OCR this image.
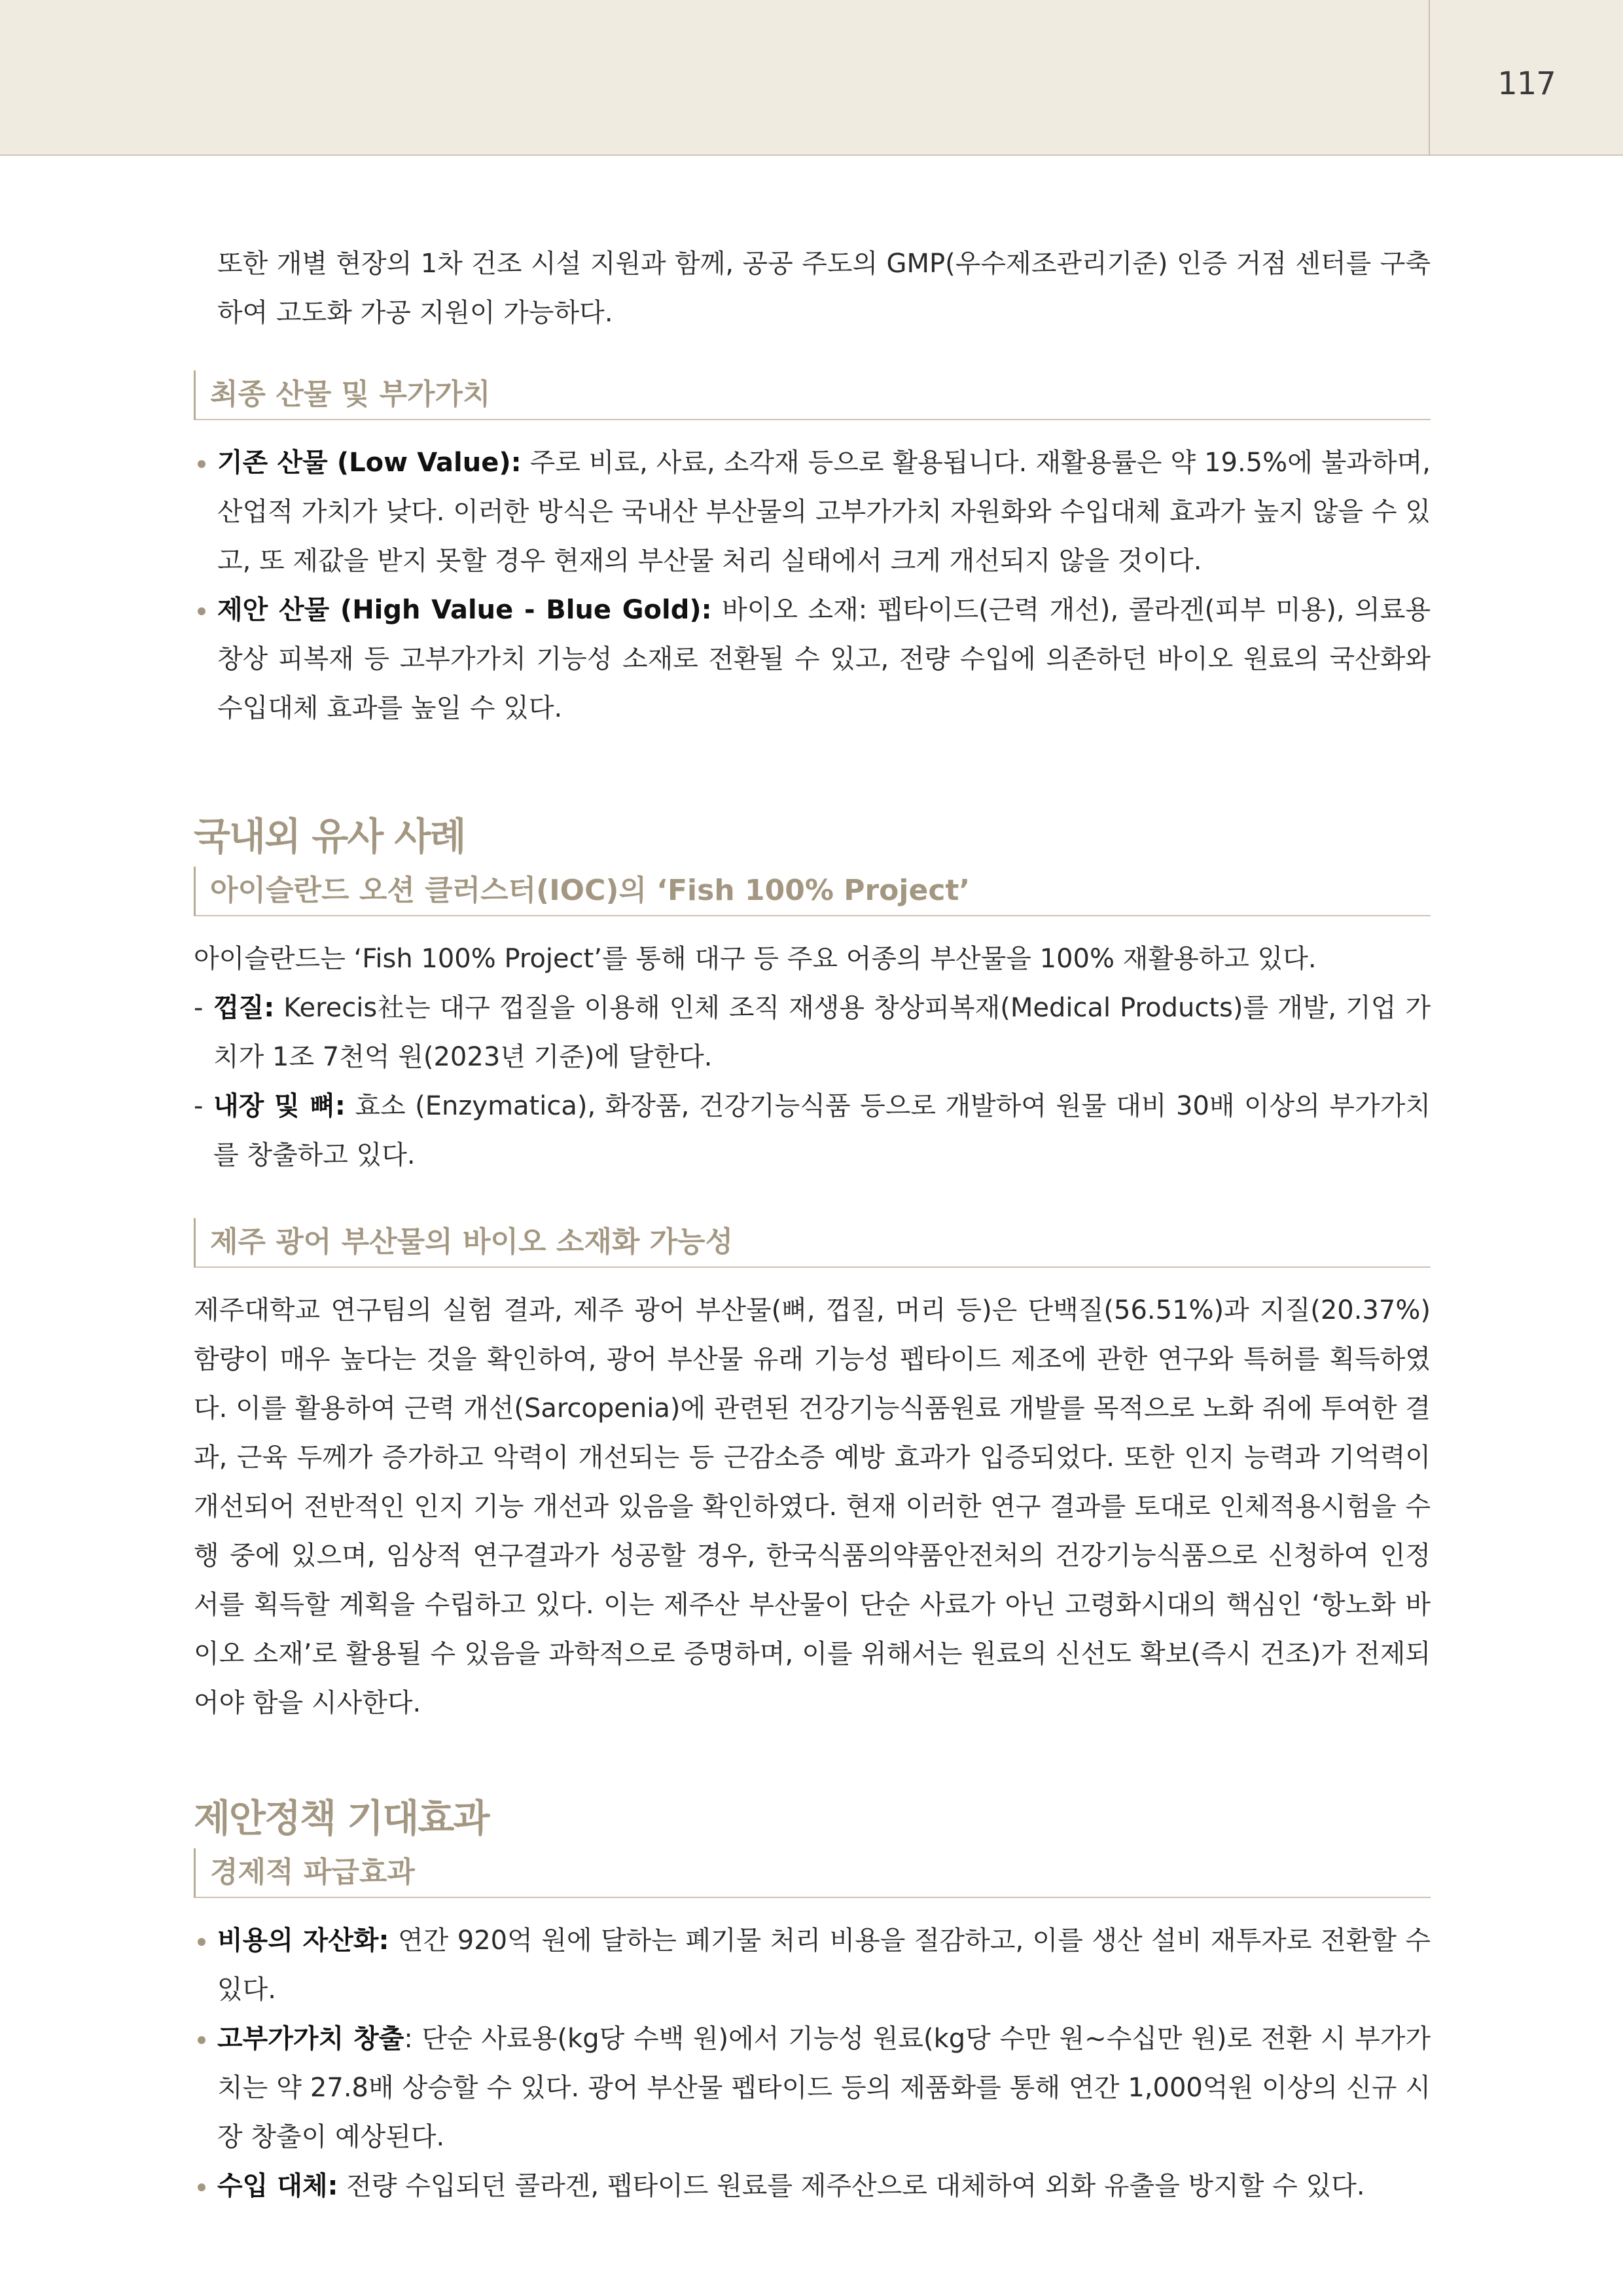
117

또한 개별 현장의 1차 건조 시설 지원과 함께, 공공 주도의 GMP(우수제조관리기준) 인증 거점 센터를 구축하여 고도화 가공 지원이 가능하다.

최종 산물 및 부가가치
기존 산물 (Low Value): 주로 비료, 사료, 소각재 등으로 활용됩니다. 재활용률은 약 19.5%에 불과하며, 산업적 가치가 낮다. 이러한 방식은 국내산 부산물의 고부가가치 자원화와 수입대체 효과가 높지 않을 수 있고, 또 제값을 받지 못할 경우 현재의 부산물 처리 실태에서 크게 개선되지 않을 것이다.
제안 산물 (High Value - Blue Gold): 바이오 소재: 펩타이드(근력 개선), 콜라겐(피부 미용), 의료용 창상 피복재 등 고부가가치 기능성 소재로 전환될 수 있고, 전량 수입에 의존하던 바이오 원료의 국산화와 수입대체 효과를 높일 수 있다.
국내외 유사 사례
아이슬란드 오션 클러스터(IOC)의 ‘Fish 100% Project’

아이슬란드는 ‘Fish 100% Project’를 통해 대구 등 주요 어종의 부산물을 100% 재활용하고 있다.

- 껍질: Kerecis社는 대구 껍질을 이용해 인체 조직 재생용 창상피복재(Medical Products)를 개발, 기업 가치가 1조 7천억 원(2023년 기준)에 달한다.
- 내장 및 뼈: 효소 (Enzymatica), 화장품, 건강기능식품 등으로 개발하여 원물 대비 30배 이상의 부가가치를 창출하고 있다.
제주 광어 부산물의 바이오 소재화 가능성

제주대학교 연구팀의 실험 결과, 제주 광어 부산물(뼈, 껍질, 머리 등)은 단백질(56.51%)과 지질(20.37%) 함량이 매우 높다는 것을 확인하여, 광어 부산물 유래 기능성 펩타이드 제조에 관한 연구와 특허를 획득하였다. 이를 활용하여 근력 개선(Sarcopenia)에 관련된 건강기능식품원료 개발를 목적으로 노화 쥐에 투여한 결과, 근육 두께가 증가하고 악력이 개선되는 등 근감소증 예방 효과가 입증되었다. 또한 인지 능력과 기억력이 개선되어 전반적인 인지 기능 개선과 있음을 확인하였다. 현재 이러한 연구 결과를 토대로 인체적용시험을 수행 중에 있으며, 임상적 연구결과가 성공할 경우, 한국식품의약품안전처의 건강기능식품으로 신청하여 인정서를 획득할 계획을 수립하고 있다. 이는 제주산 부산물이 단순 사료가 아닌 고령화시대의 핵심인 ‘항노화 바이오 소재’로 활용될 수 있음을 과학적으로 증명하며, 이를 위해서는 원료의 신선도 확보(즉시 건조)가 전제되어야 함을 시사한다.

제안정책 기대효과
경제적 파급효과
비용의 자산화: 연간 920억 원에 달하는 폐기물 처리 비용을 절감하고, 이를 생산 설비 재투자로 전환할 수 있다.
고부가가치 창출: 단순 사료용(kg당 수백 원)에서 기능성 원료(kg당 수만 원~수십만 원)로 전환 시 부가가치는 약 27.8배 상승할 수 있다. 광어 부산물 펩타이드 등의 제품화를 통해 연간 1,000억원 이상의 신규 시장 창출이 예상된다.
수입 대체: 전량 수입되던 콜라겐, 펩타이드 원료를 제주산으로 대체하여 외화 유출을 방지할 수 있다.
